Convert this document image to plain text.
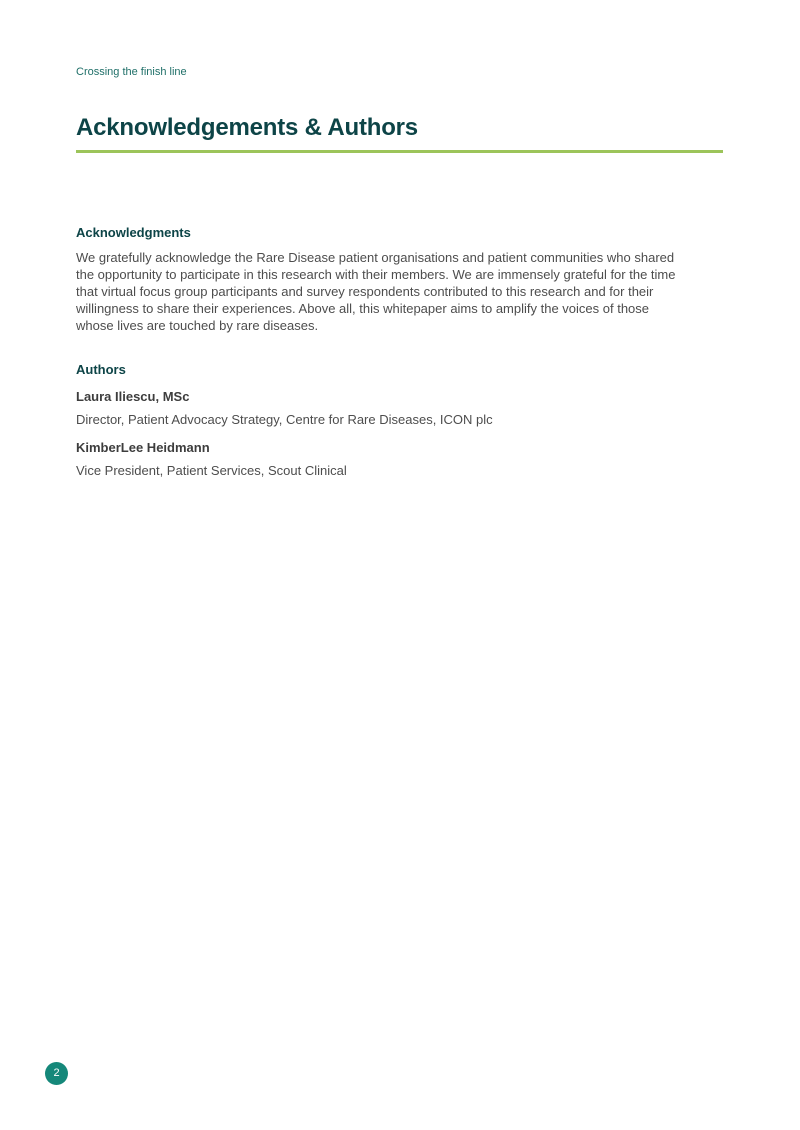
Crossing the finish line
Acknowledgements & Authors
Acknowledgments

We gratefully acknowledge the Rare Disease patient organisations and patient communities who shared the opportunity to participate in this research with their members. We are immensely grateful for the time that virtual focus group participants and survey respondents contributed to this research and for their willingness to share their experiences. Above all, this whitepaper aims to amplify the voices of those whose lives are touched by rare diseases.

Authors

Laura Iliescu, MSc

Director, Patient Advocacy Strategy, Centre for Rare Diseases, ICON plc

KimberLee Heidmann

Vice President, Patient Services, Scout Clinical

2
